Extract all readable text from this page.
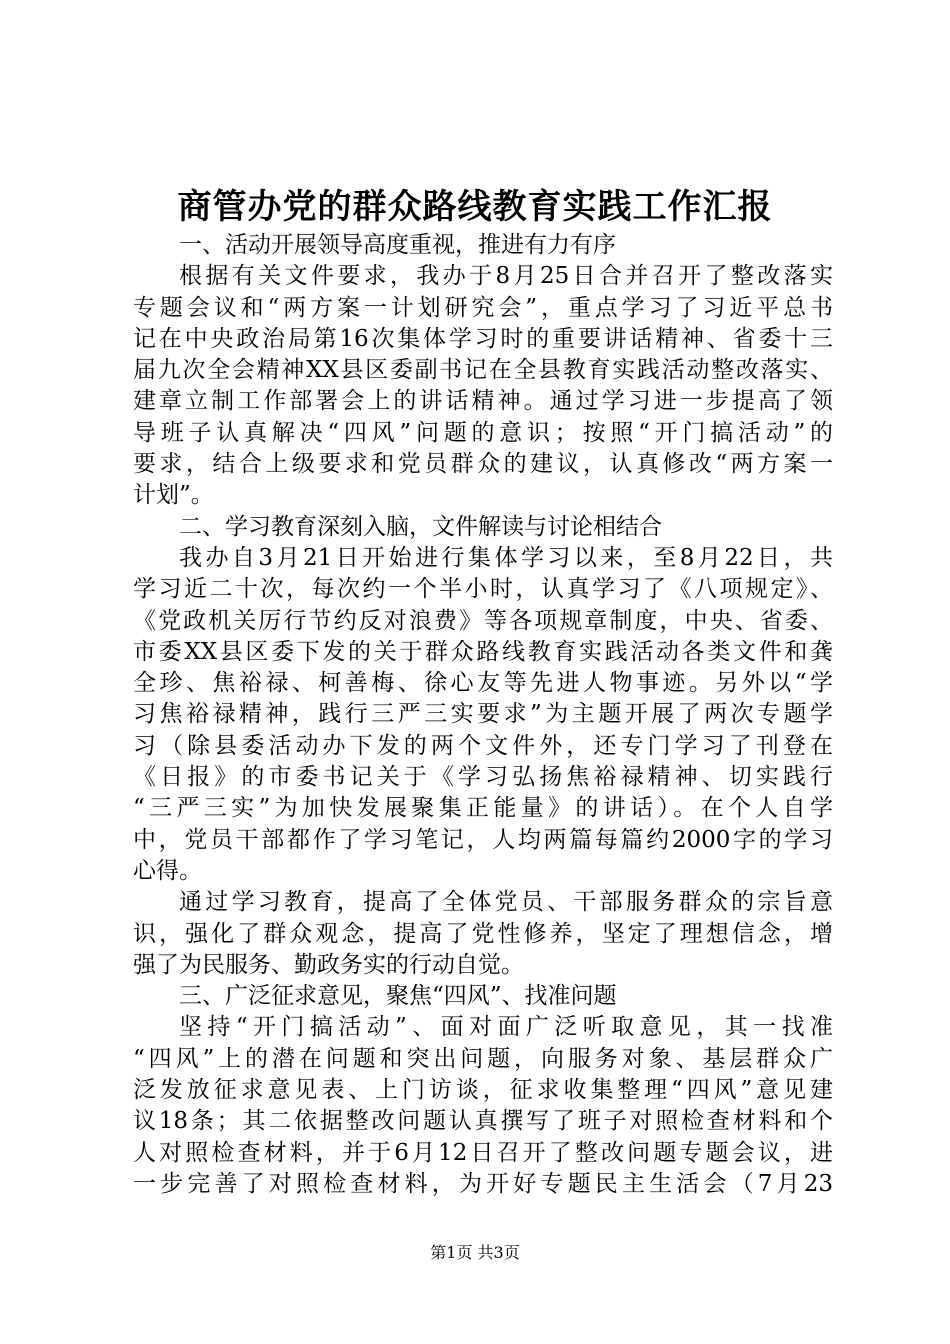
商管办党的群众路线教育实践工作汇报
一、活动开展领导高度重视，推进有力有序
根据有关文件要求，我办于8月25日合并召开了整改落实
专题会议和“两方案一计划研究会”，重点学习了习近平总书
记在中央政治局第16次集体学习时的重要讲话精神、省委十三
届九次全会精神XX县区委副书记在全县教育实践活动整改落实、
建章立制工作部署会上的讲话精神。通过学习进一步提高了领
导班子认真解决“四风”问题的意识；按照“开门搞活动”的
要求，结合上级要求和党员群众的建议，认真修改“两方案一
计划”。
二、学习教育深刻入脑，文件解读与讨论相结合
我办自3月21日开始进行集体学习以来，至8月22日，共
学习近二十次，每次约一个半小时，认真学习了《八项规定》、
《党政机关厉行节约反对浪费》等各项规章制度，中央、省委、
市委XX县区委下发的关于群众路线教育实践活动各类文件和龚
全珍、焦裕禄、柯善梅、徐心友等先进人物事迹。另外以“学
习焦裕禄精神，践行三严三实要求”为主题开展了两次专题学
习（除县委活动办下发的两个文件外，还专门学习了刊登在
《日报》的市委书记关于《学习弘扬焦裕禄精神、切实践行
“三严三实”为加快发展聚集正能量》的讲话）。在个人自学
中，党员干部都作了学习笔记，人均两篇每篇约2000字的学习
心得。
通过学习教育，提高了全体党员、干部服务群众的宗旨意
识，强化了群众观念，提高了党性修养，坚定了理想信念，增
强了为民服务、勤政务实的行动自觉。
三、广泛征求意见，聚焦“四风”、找准问题
坚持“开门搞活动”、面对面广泛听取意见，其一找准
“四风”上的潜在问题和突出问题，向服务对象、基层群众广
泛发放征求意见表、上门访谈，征求收集整理“四风”意见建
议18条；其二依据整改问题认真撰写了班子对照检查材料和个
人对照检查材料，并于6月12日召开了整改问题专题会议，进
一步完善了对照检查材料，为开好专题民主生活会（7月23
第1页 共3页
